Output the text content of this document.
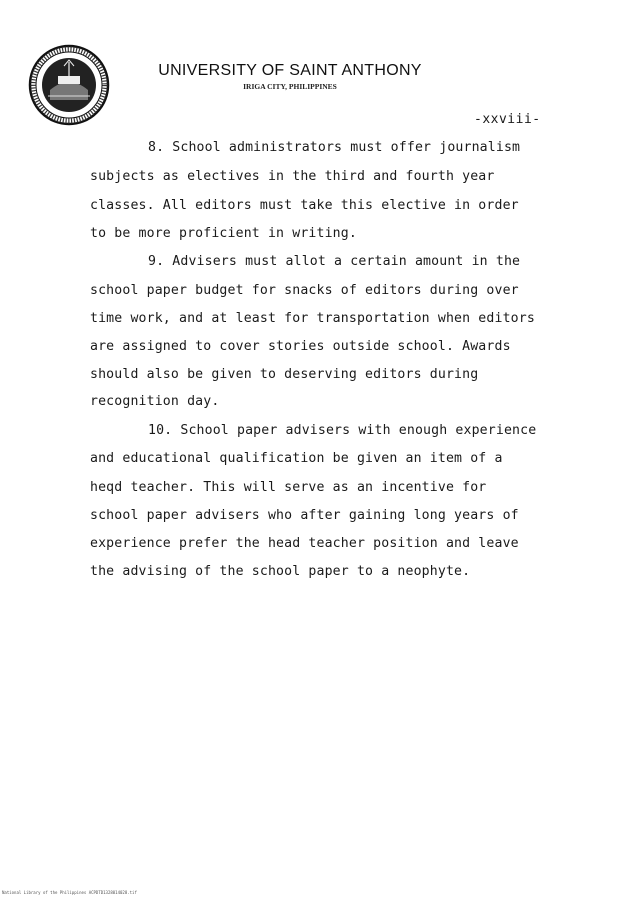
UNIVERSITY OF SAINT ANTHONY
IRIGA CITY, PHILIPPINES
-xxviii-
8. School administrators must offer journalism
subjects as electives in the third and fourth year
classes. All editors must take this elective in order
to be more proficient in writing.
9. Advisers must allot a certain amount in the
school paper budget for snacks of editors during over
time work, and at least for transportation when editors
are assigned to cover stories outside school. Awards
should also be given to deserving editors during
recognition day.
10. School paper advisers with enough experience
and educational qualification be given an item of a
heqd teacher. This will serve as an incentive for
school paper advisers who after gaining long years of
experience prefer the head teacher position and leave
the advising of the school paper to a neophyte.
National Library of the Philippines ACPDTD1328014028.tif
